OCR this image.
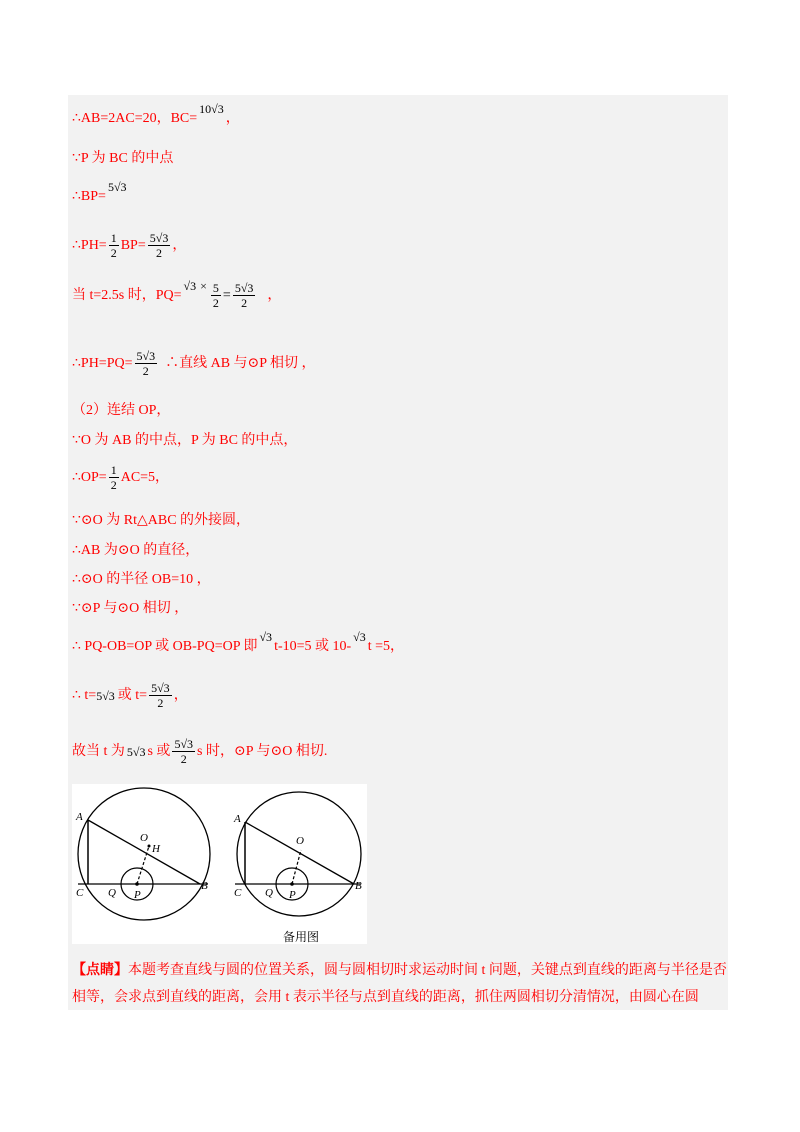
∴AB=2AC=20，BC=
10√3
，
∵P 为 BC 的中点
∴BP=
5√3
∴PH= $\frac{1}{2} BP= \frac{5√3}{2}$ ，
当 t=2.5s 时，PQ=
$√3 \times \frac{5}{2} = \frac{5√3}{2}$ ，
∴PH=PQ= $\frac{5√3}{2}$ ∴直线 AB 与⊙P 相切 ，
（2）连结 OP，
∵O 为 AB 的中点，P 为 BC 的中点，
∴OP= $\frac{1}{2} AC=5$，
∵⊙O 为 Rt△ABC 的外接圆，
∴AB 为⊙O 的直径，
∴⊙O 的半径 OB=10 ，
∵⊙P 与⊙O 相切 ，
∴ PQ-OB=OP 或 OB-PQ=OP 即
√3
t-10=5 或 10-
√3
t =5，
∴ t= 5√3 或 $t= \frac{5√3}{2}$ ，
故当 t 为 5√3 s 或 $\frac{5√3}{2}$ s 时，⊙P 与⊙O 相切.
A
C Q P
O
H
B
A
C Q P
O
B
备用图
【点睛】本题考查直线与圆的位置关系，圆与圆相切时求运动时间 t 问题，关键点到直线的距离与半径是否相等，会求点到直线的距离，会用 t 表示半径与点到直线的距离，抓住两圆相切分清情况，由圆心在圆
